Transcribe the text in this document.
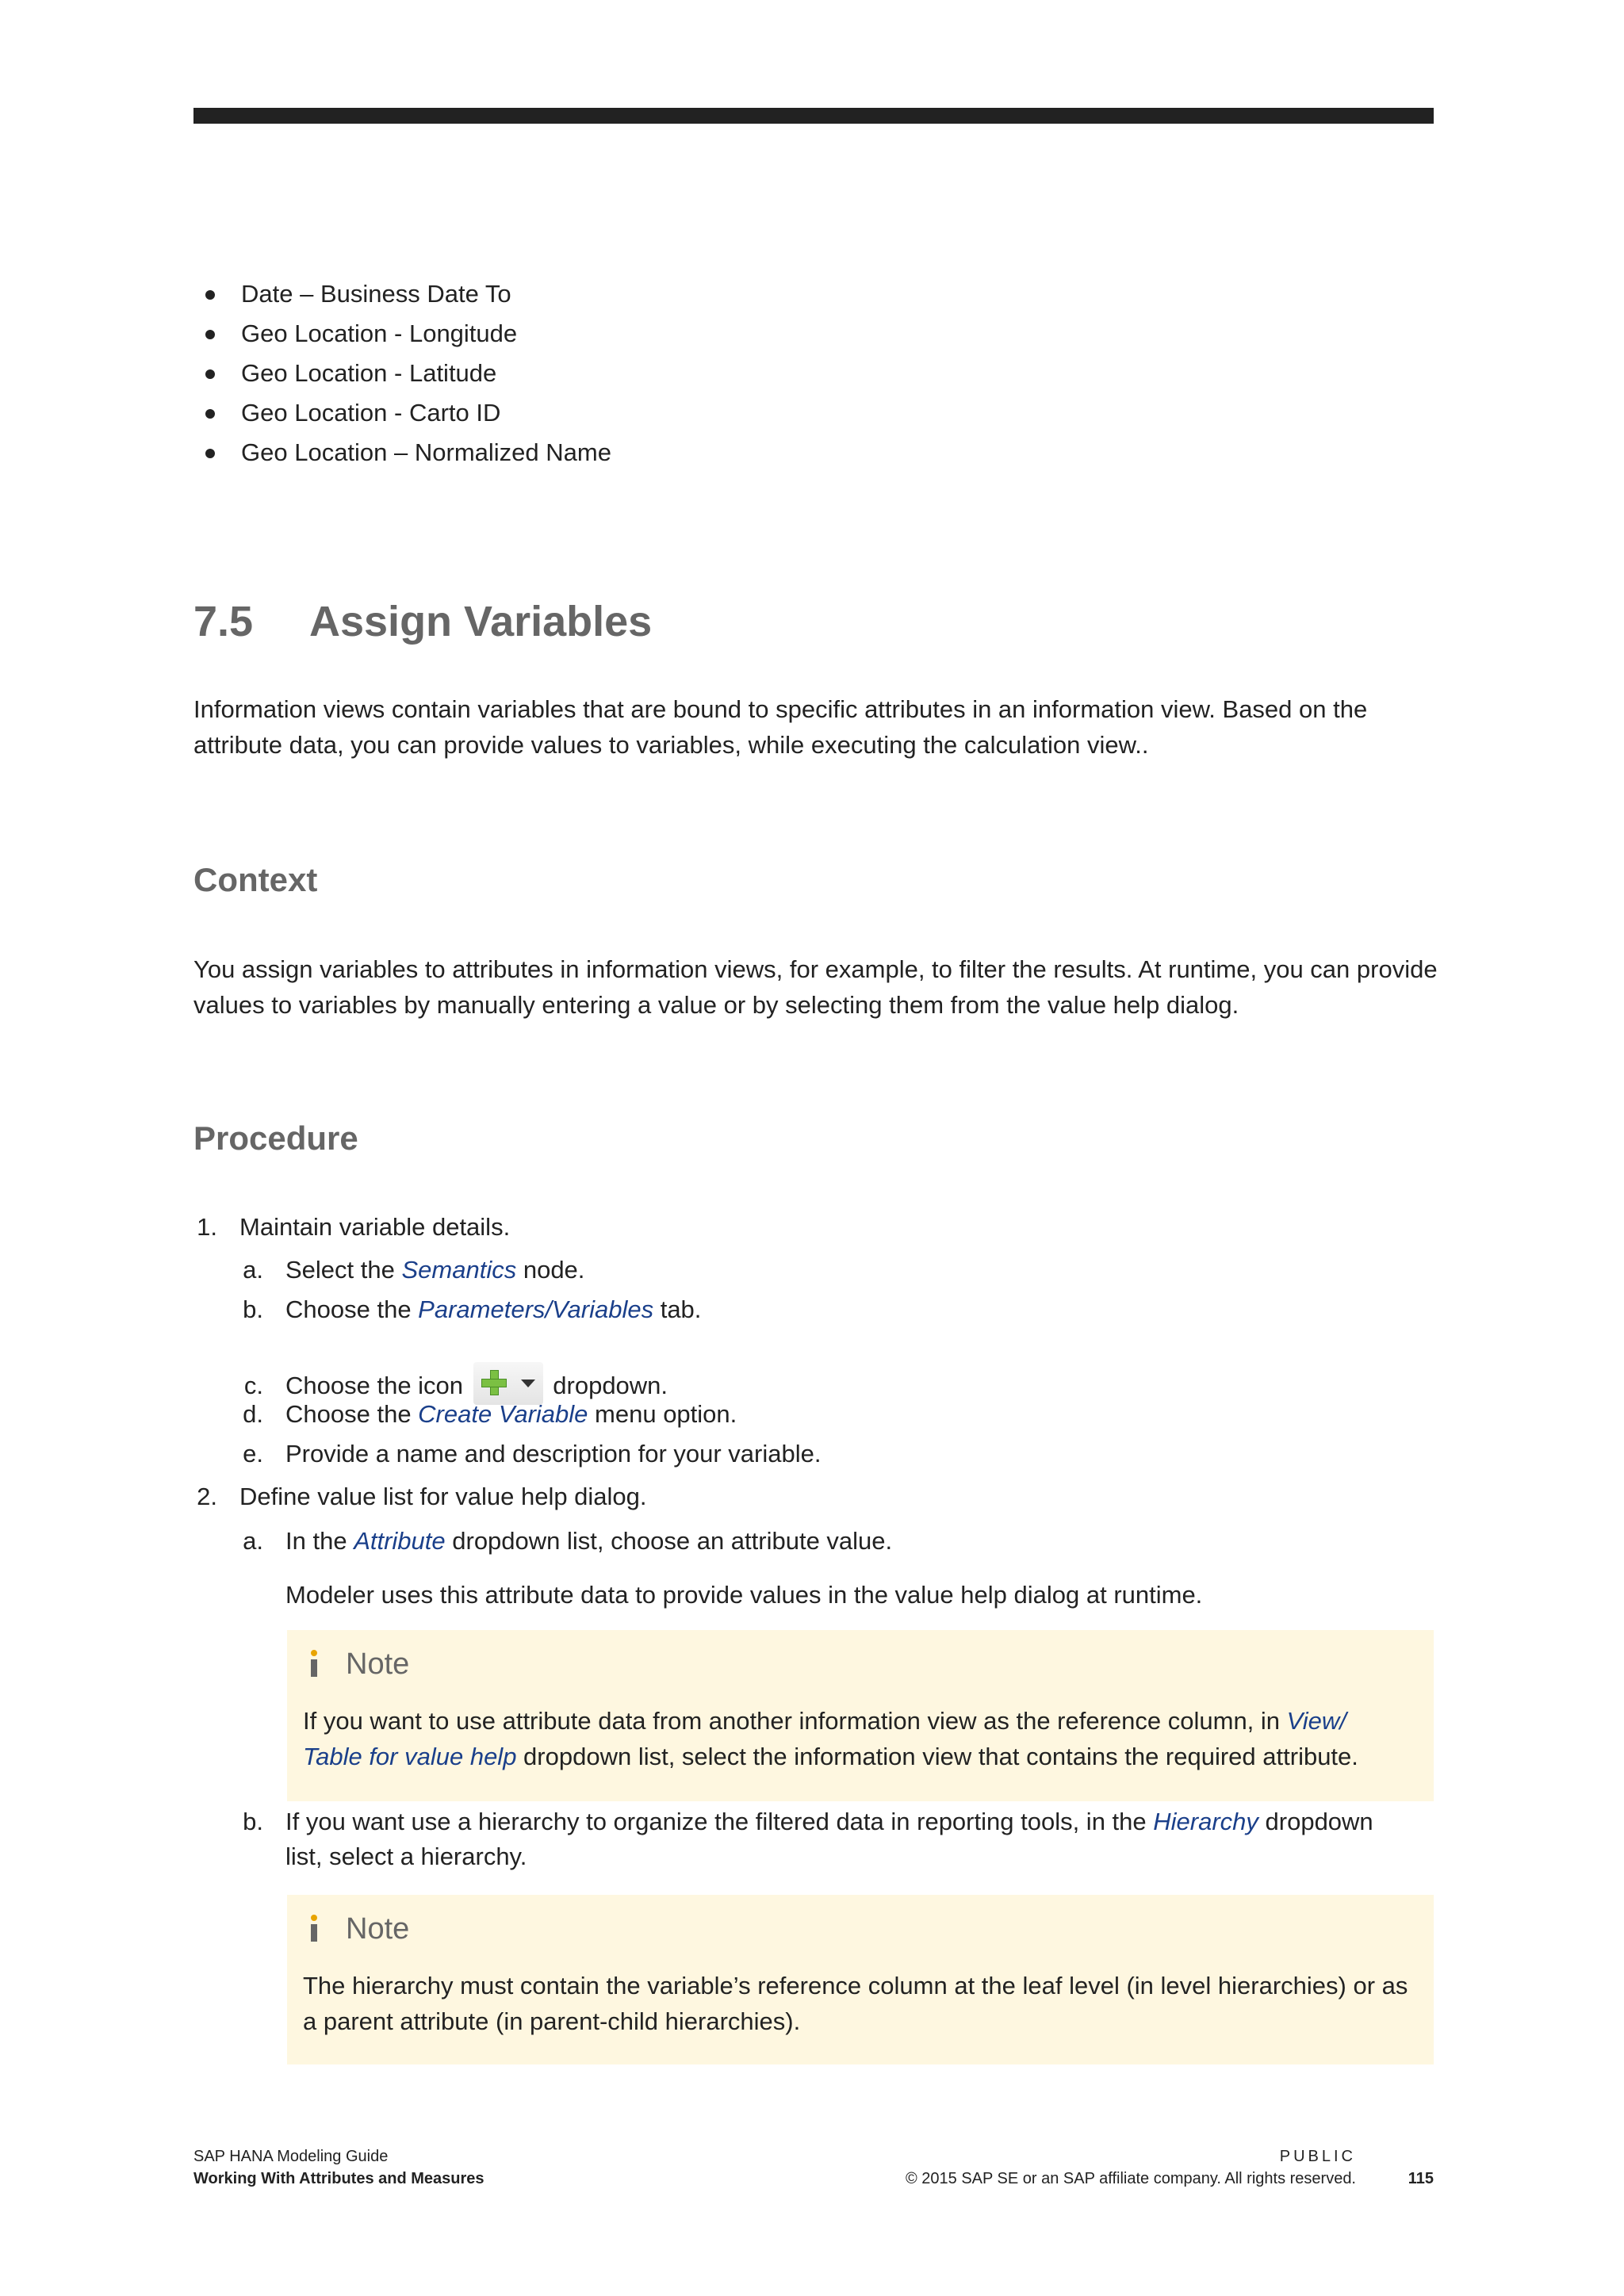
Date – Business Date To
Geo Location - Longitude
Geo Location - Latitude
Geo Location - Carto ID
Geo Location – Normalized Name
7.5 Assign Variables

Information views contain variables that are bound to specific attributes in an information view. Based on the attribute data, you can provide values to variables, while executing the calculation view..

Context

You assign variables to attributes in information views, for example, to filter the results. At runtime, you can provide values to variables by manually entering a value or by selecting them from the value help dialog.

Procedure
1. Maintain variable details.
a. Select the Semantics node.
b. Choose the Parameters/Variables tab.
c. Choose the icon	dropdown.
d. Choose the Create Variable menu option.
e. Provide a name and description for your variable.
2. Define value list for value help dialog.
a. In the Attribute dropdown list, choose an attribute value.
Modeler uses this attribute data to provide values in the value help dialog at runtime.
Note

If you want to use attribute data from another information view as the reference column, in View/
Table for value help dropdown list, select the information view that contains the required attribute.

b. If you want use a hierarchy to organize the filtered data in reporting tools, in the Hierarchy dropdown
list, select a hierarchy.
Note

The hierarchy must contain the variable’s reference column at the leaf level (in level hierarchies) or as a parent attribute (in parent-child hierarchies).

SAP HANA Modeling Guide
Working With Attributes and Measures
PUBLIC
© 2015 SAP SE or an SAP affiliate company. All rights reserved.	115
